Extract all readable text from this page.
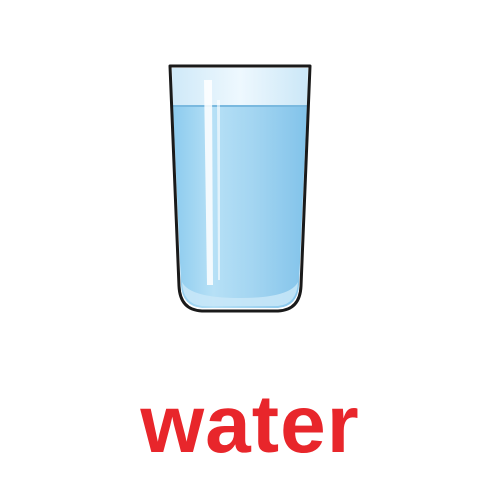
water
